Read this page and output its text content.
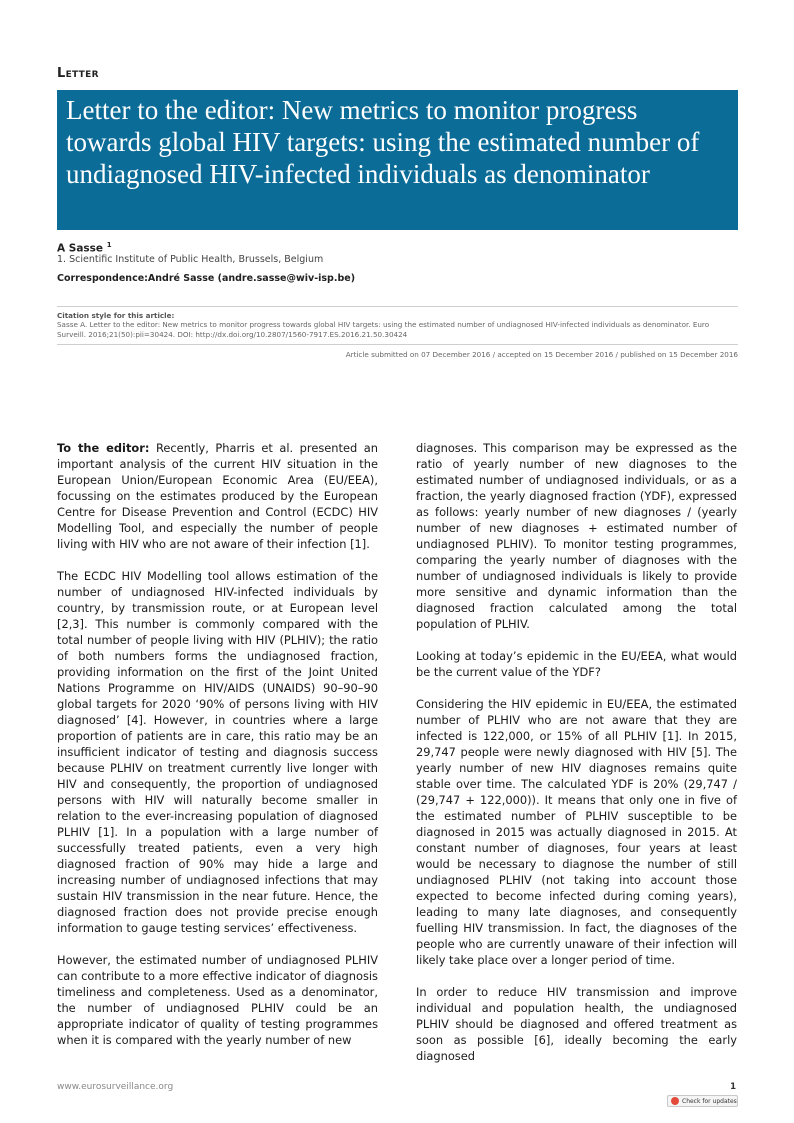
Letter
Letter to the editor: New metrics to monitor progress towards global HIV targets: using the estimated number of undiagnosed HIV-infected individuals as denominator
A Sasse $^1$
1. Scientific Institute of Public Health, Brussels, Belgium
Correspondence:André Sasse (andre.sasse@wiv-isp.be)
Citation style for this article:
Sasse A. Letter to the editor: New metrics to monitor progress towards global HIV targets: using the estimated number of undiagnosed HIV-infected individuals as denominator. Euro Surveill. 2016;21(50):pii=30424. DOI: http://dx.doi.org/10.2807/1560-7917.ES.2016.21.50.30424
Article submitted on 07 December 2016 / accepted on 15 December 2016 / published on 15 December 2016

To the editor: Recently, Pharris et al. presented an important analysis of the current HIV situation in the European Union/European Economic Area (EU/EEA), focussing on the estimates produced by the European Centre for Disease Prevention and Control (ECDC) HIV Modelling Tool, and especially the number of people living with HIV who are not aware of their infection [1].

The ECDC HIV Modelling tool allows estimation of the number of undiagnosed HIV-infected individuals by country, by transmission route, or at European level [2,3]. This number is commonly compared with the total number of people living with HIV (PLHIV); the ratio of both numbers forms the undiagnosed fraction, providing information on the first of the Joint United Nations Programme on HIV/AIDS (UNAIDS) 90–90–90 global targets for 2020 ‘90% of persons living with HIV diagnosed’ [4]. However, in countries where a large proportion of patients are in care, this ratio may be an insufficient indicator of testing and diagnosis success because PLHIV on treatment currently live longer with HIV and consequently, the proportion of undiagnosed persons with HIV will naturally become smaller in relation to the ever-increasing population of diagnosed PLHIV [1]. In a population with a large number of successfully treated patients, even a very high diagnosed fraction of 90% may hide a large and increasing number of undiagnosed infections that may sustain HIV transmission in the near future. Hence, the diagnosed fraction does not provide precise enough information to gauge testing services’ effectiveness.

However, the estimated number of undiagnosed PLHIV can contribute to a more effective indicator of diagnosis timeliness and completeness. Used as a denominator, the number of undiagnosed PLHIV could be an appropriate indicator of quality of testing programmes when it is compared with the yearly number of new

diagnoses. This comparison may be expressed as the ratio of yearly number of new diagnoses to the estimated number of undiagnosed individuals, or as a fraction, the yearly diagnosed fraction (YDF), expressed as follows: yearly number of new diagnoses / (yearly number of new diagnoses + estimated number of undiagnosed PLHIV). To monitor testing programmes, comparing the yearly number of diagnoses with the number of undiagnosed individuals is likely to provide more sensitive and dynamic information than the diagnosed fraction calculated among the total population of PLHIV.

Looking at today’s epidemic in the EU/EEA, what would be the current value of the YDF?

Considering the HIV epidemic in EU/EEA, the estimated number of PLHIV who are not aware that they are infected is 122,000, or 15% of all PLHIV [1]. In 2015, 29,747 people were newly diagnosed with HIV [5]. The yearly number of new HIV diagnoses remains quite stable over time. The calculated YDF is 20% (29,747 / (29,747 + 122,000)). It means that only one in five of the estimated number of PLHIV susceptible to be diagnosed in 2015 was actually diagnosed in 2015. At constant number of diagnoses, four years at least would be necessary to diagnose the number of still undiagnosed PLHIV (not taking into account those expected to become infected during coming years), leading to many late diagnoses, and consequently fuelling HIV transmission. In fact, the diagnoses of the people who are currently unaware of their infection will likely take place over a longer period of time.

In order to reduce HIV transmission and improve individual and population health, the undiagnosed PLHIV should be diagnosed and offered treatment as soon as possible [6], ideally becoming the early diagnosed

www.eurosurveillance.org	1
Check for updates
